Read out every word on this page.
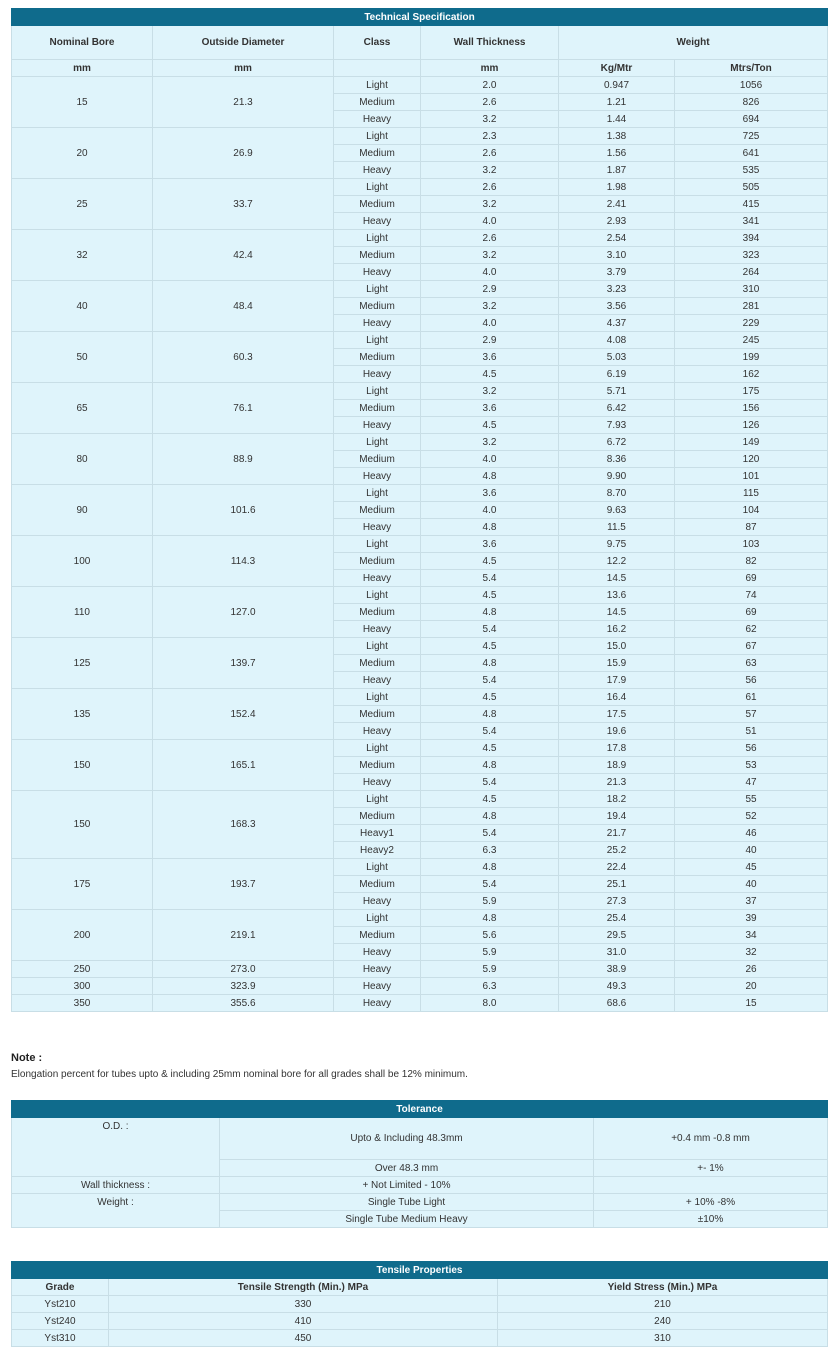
Technical Specification					
Nominal Bore	Outside Diameter	Class	Wall Thickness	Weight	
mm	mm		mm	Kg/Mtr	Mtrs/Ton
15	21.3	Light	2.0	0.947	1056
		Medium	2.6	1.21	826
		Heavy	3.2	1.44	694
20	26.9	Light	2.3	1.38	725
		Medium	2.6	1.56	641
		Heavy	3.2	1.87	535
25	33.7	Light	2.6	1.98	505
		Medium	3.2	2.41	415
		Heavy	4.0	2.93	341
32	42.4	Light	2.6	2.54	394
		Medium	3.2	3.10	323
		Heavy	4.0	3.79	264
40	48.4	Light	2.9	3.23	310
		Medium	3.2	3.56	281
		Heavy	4.0	4.37	229
50	60.3	Light	2.9	4.08	245
		Medium	3.6	5.03	199
		Heavy	4.5	6.19	162
65	76.1	Light	3.2	5.71	175
		Medium	3.6	6.42	156
		Heavy	4.5	7.93	126
80	88.9	Light	3.2	6.72	149
		Medium	4.0	8.36	120
		Heavy	4.8	9.90	101
90	101.6	Light	3.6	8.70	115
		Medium	4.0	9.63	104
		Heavy	4.8	11.5	87
100	114.3	Light	3.6	9.75	103
		Medium	4.5	12.2	82
		Heavy	5.4	14.5	69
110	127.0	Light	4.5	13.6	74
		Medium	4.8	14.5	69
		Heavy	5.4	16.2	62
125	139.7	Light	4.5	15.0	67
		Medium	4.8	15.9	63
		Heavy	5.4	17.9	56
135	152.4	Light	4.5	16.4	61
		Medium	4.8	17.5	57
		Heavy	5.4	19.6	51
150	165.1	Light	4.5	17.8	56
		Medium	4.8	18.9	53
		Heavy	5.4	21.3	47
150	168.3	Light	4.5	18.2	55
		Medium	4.8	19.4	52
		Heavy1	5.4	21.7	46
		Heavy2	6.3	25.2	40
175	193.7	Light	4.8	22.4	45
		Medium	5.4	25.1	40
		Heavy	5.9	27.3	37
200	219.1	Light	4.8	25.4	39
		Medium	5.6	29.5	34
		Heavy	5.9	31.0	32
250	273.0	Heavy	5.9	38.9	26
300	323.9	Heavy	6.3	49.3	20
350	355.6	Heavy	8.0	68.6	15
Note :
Elongation percent for tubes upto & including 25mm nominal bore for all grades shall be 12% minimum.
Tolerance		
O.D. :	Upto & Including 48.3mm	+0.4 mm -0.8 mm
	Over 48.3 mm	+- 1%
Wall thickness :	+ Not Limited - 10%	
Weight :	Single Tube Light	+ 10% -8%
	Single Tube Medium Heavy	±10%
Tensile Properties		
Grade	Tensile Strength (Min.) MPa	Yield Stress (Min.) MPa
Yst210	330	210
Yst240	410	240
Yst310	450	310
